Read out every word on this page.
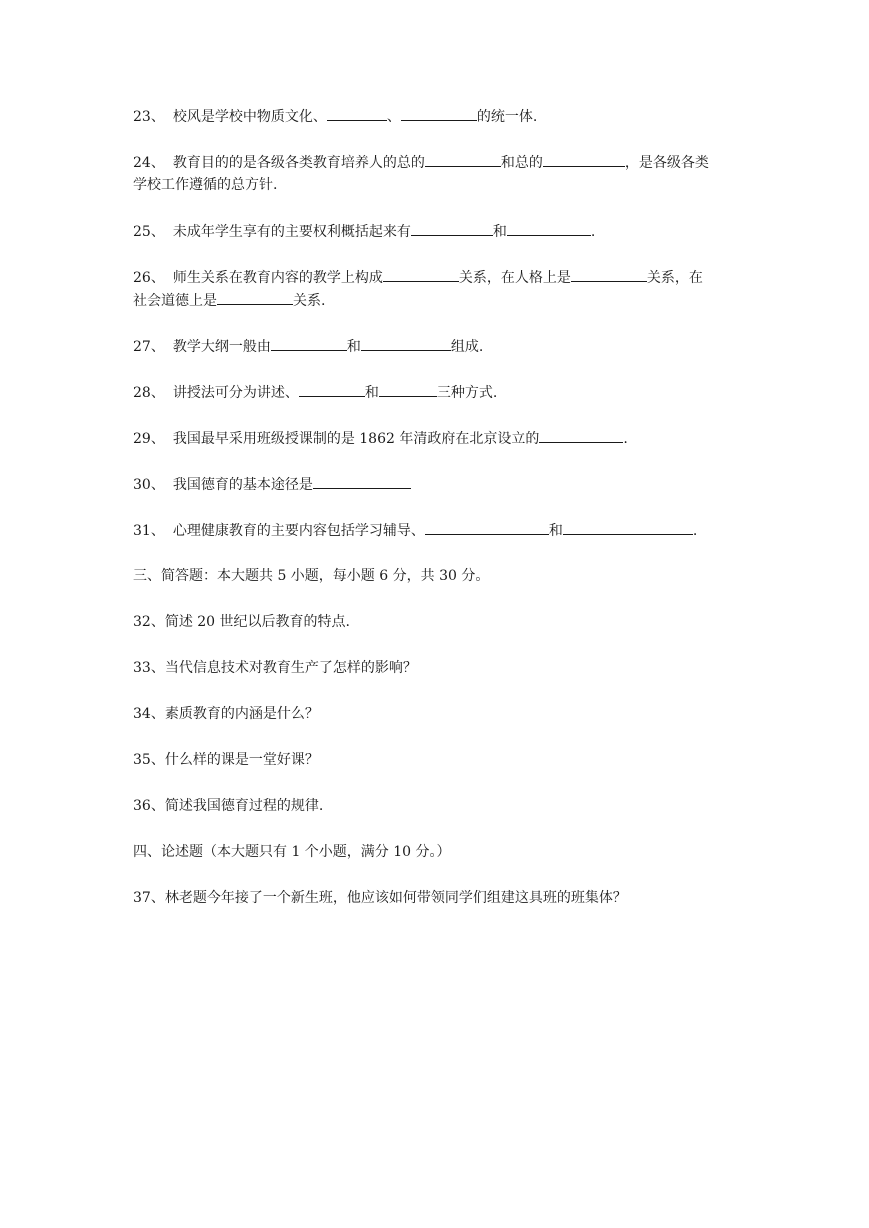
23、 校风是学校中物质文化、	、	的统一体.
24、 教育目的的是各级各类教育培养人的总的	和总的	，是各级各类
学校工作遵循的总方针.
25、 未成年学生享有的主要权利概括起来有	和	.
26、 师生关系在教育内容的教学上构成	关系，在人格上是	关系，在
社会道德上是	关系.
27、 教学大纲一般由	和	组成.
28、 讲授法可分为讲述、	和	三种方式.
29、 我国最早采用班级授课制的是 1862 年清政府在北京设立的	.
30、 我国德育的基本途径是
31、 心理健康教育的主要内容包括学习辅导、	和	.
三、简答题：本大题共 5 小题，每小题 6 分，共 30 分。
32、简述 20 世纪以后教育的特点.
33、当代信息技术对教育生产了怎样的影响？
34、素质教育的内涵是什么？
35、什么样的课是一堂好课？
36、简述我国德育过程的规律.
四、论述题（本大题只有 1 个小题，满分 10 分。）
37、林老题今年接了一个新生班，他应该如何带领同学们组建这具班的班集体？
